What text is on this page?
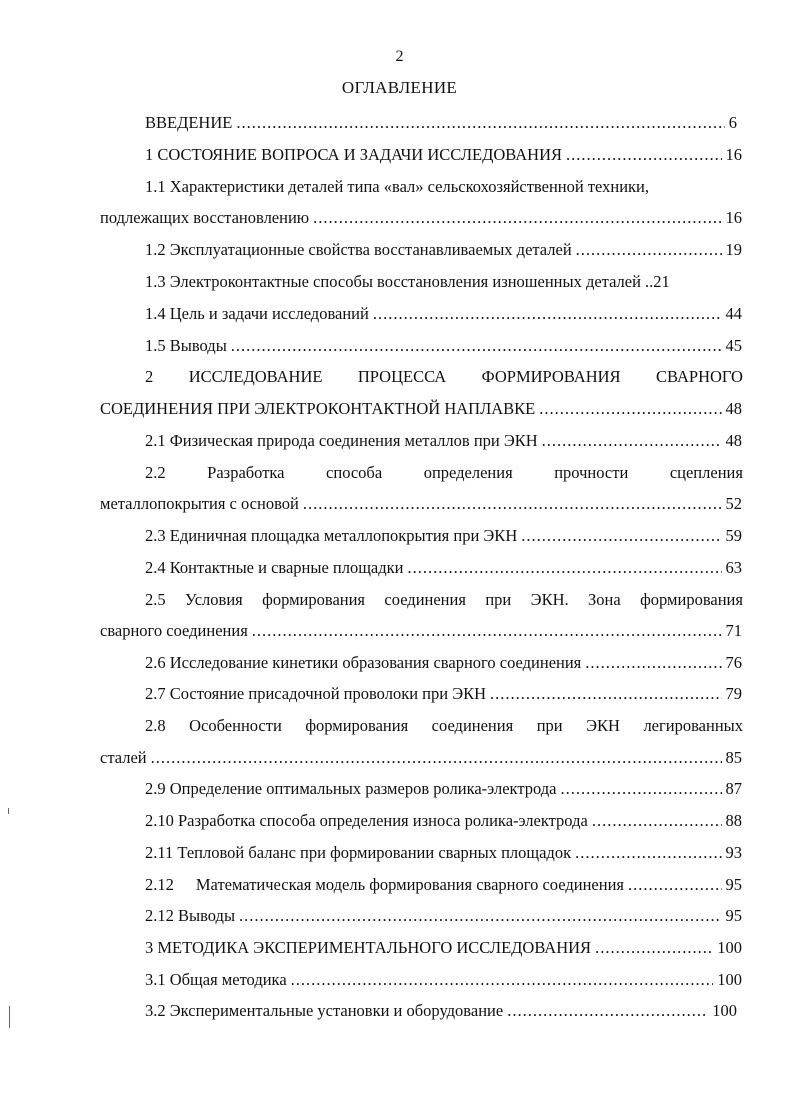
2
ОГЛАВЛЕНИЕ
ВВЕДЕНИЕ .....	6
1 СОСТОЯНИЕ ВОПРОСА И ЗАДАЧИ ИССЛЕДОВАНИЯ .....	16
1.1 Характеристики деталей типа «вал» сельскохозяйственной техники,
подлежащих восстановлению .....	16
1.2 Эксплуатационные свойства восстанавливаемых деталей .....	19
1.3 Электроконтактные способы восстановления изношенных деталей ..21
1.4 Цель и задачи исследований .....	44
1.5 Выводы .....	45
2 ИССЛЕДОВАНИЕ ПРОЦЕССА ФОРМИРОВАНИЯ СВАРНОГО
СОЕДИНЕНИЯ ПРИ ЭЛЕКТРОКОНТАКТНОЙ НАПЛАВКЕ .....	48
2.1 Физическая природа соединения металлов при ЭКН .....	48
2.2	Разработка	способа	определения	прочности	сцепления
металлопокрытия с основой .....	52
2.3 Единичная площадка металлопокрытия при ЭКН .....	59
2.4 Контактные и сварные площадки .....	63
2.5 Условия формирования соединения при ЭКН. Зона формирования
сварного соединения .....	71
2.6 Исследование кинетики образования сварного соединения .....	76
2.7 Состояние присадочной проволоки при ЭКН .....	79
2.8 Особенности формирования соединения при ЭКН легированных
сталей .....	85
2.9 Определение оптимальных размеров ролика-электрода .....	87
2.10 Разработка способа определения износа ролика-электрода .....	88
2.11 Тепловой баланс при формировании сварных площадок .....	93
2.12 Математическая модель формирования сварного соединения .....	95
2.12 Выводы .....	95
3 МЕТОДИКА ЭКСПЕРИМЕНТАЛЬНОГО ИССЛЕДОВАНИЯ .....	100
3.1 Общая методика .....	100
3.2 Экспериментальные установки и оборудование .....	100
